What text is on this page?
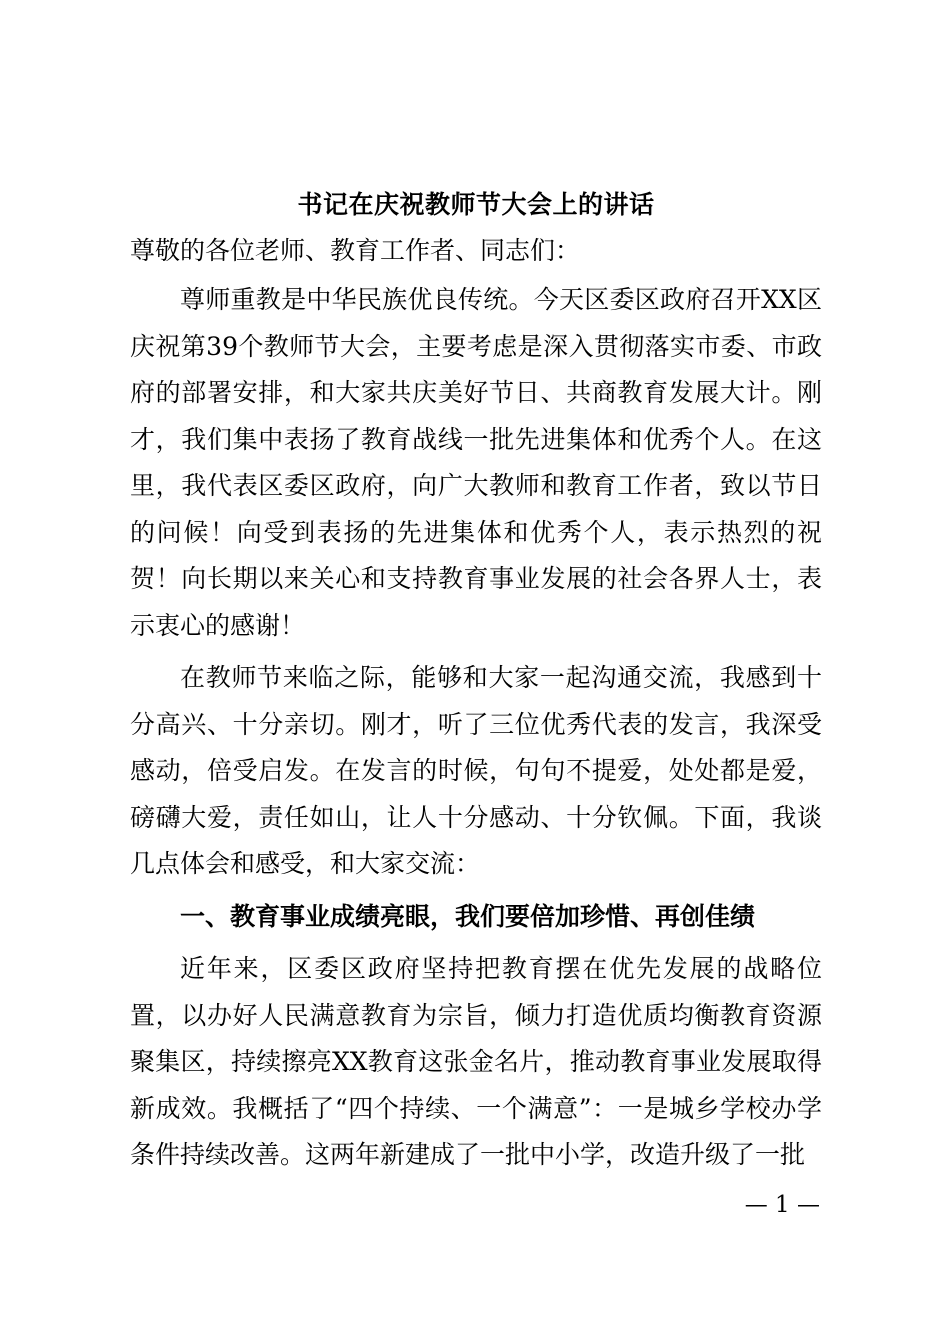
书记在庆祝教师节大会上的讲话

尊敬的各位老师、教育工作者、同志们：

尊师重教是中华民族优良传统。今天区委区政府召开XX区庆祝第39个教师节大会，主要考虑是深入贯彻落实市委、市政府的部署安排，和大家共庆美好节日、共商教育发展大计。刚才，我们集中表扬了教育战线一批先进集体和优秀个人。在这里，我代表区委区政府，向广大教师和教育工作者，致以节日的问候！向受到表扬的先进集体和优秀个人，表示热烈的祝贺！向长期以来关心和支持教育事业发展的社会各界人士，表示衷心的感谢！

在教师节来临之际，能够和大家一起沟通交流，我感到十分高兴、十分亲切。刚才，听了三位优秀代表的发言，我深受感动，倍受启发。在发言的时候，句句不提爱，处处都是爱，磅礴大爱，责任如山，让人十分感动、十分钦佩。下面，我谈几点体会和感受，和大家交流：

一、教育事业成绩亮眼，我们要倍加珍惜、再创佳绩

近年来，区委区政府坚持把教育摆在优先发展的战略位置，以办好人民满意教育为宗旨，倾力打造优质均衡教育资源聚集区，持续擦亮XX教育这张金名片，推动教育事业发展取得新成效。我概括了“四个持续、一个满意”：一是城乡学校办学条件持续改善。这两年新建成了一批中小学，改造升级了一批

— 1 —
